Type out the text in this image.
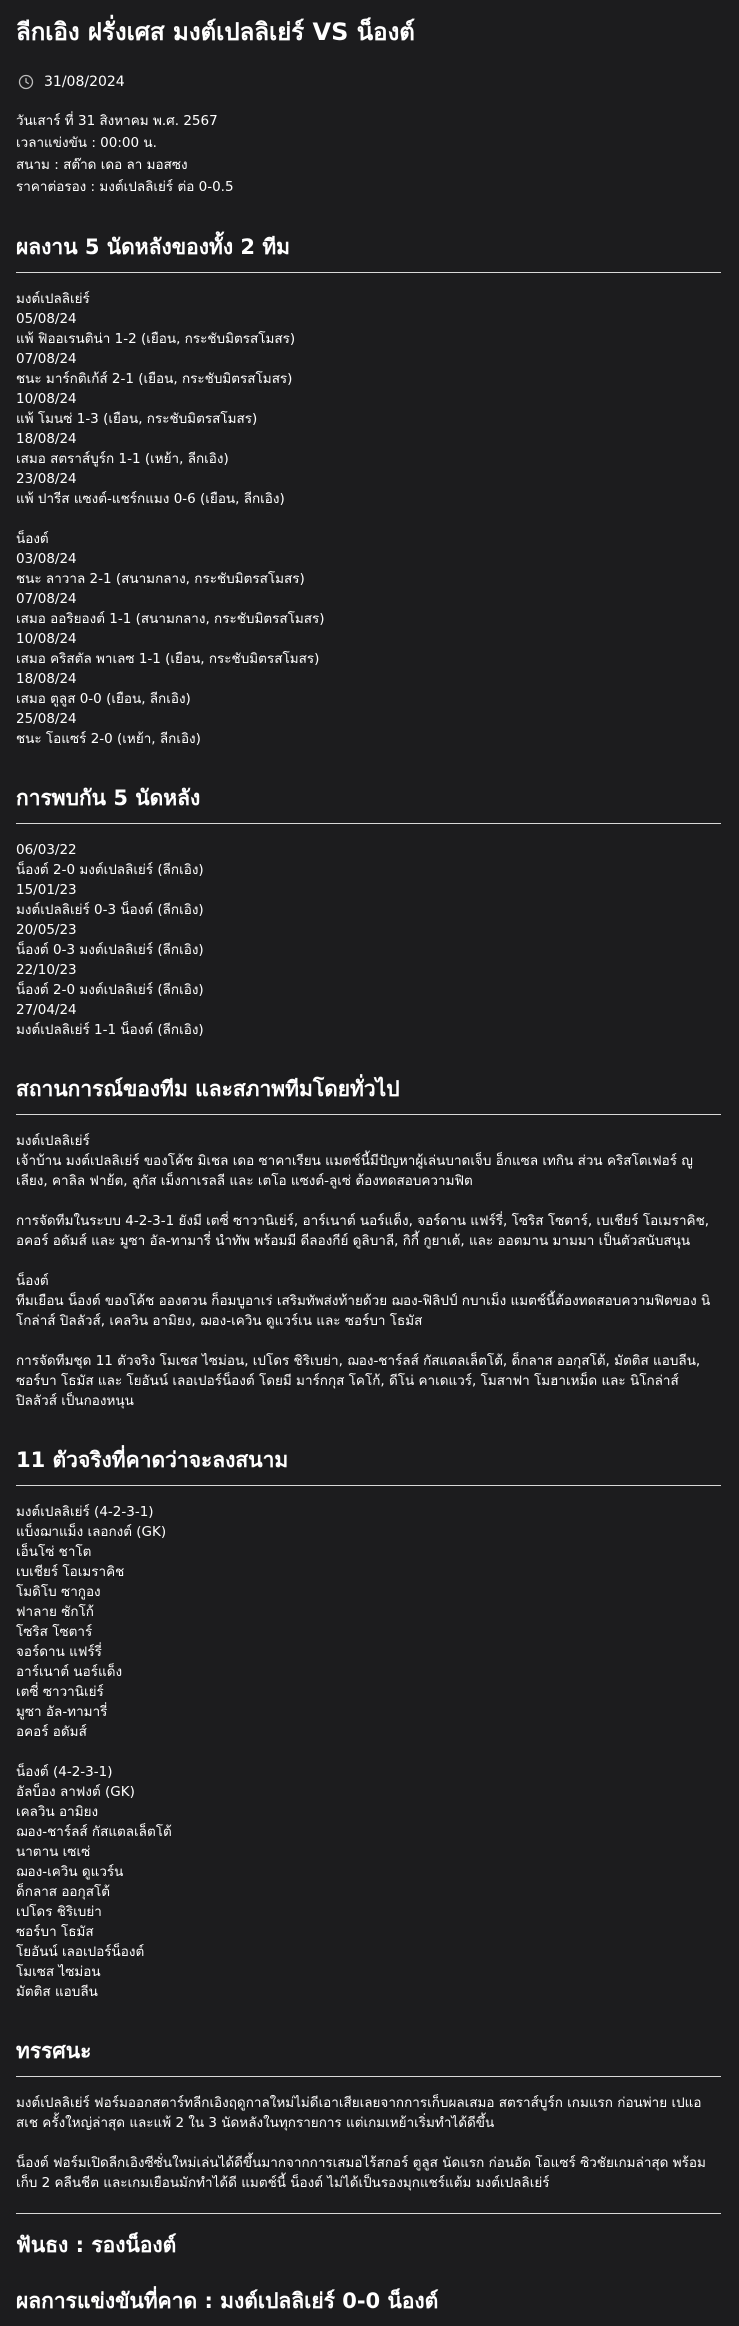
ลีกเอิง ฝรั่งเศส มงต์เปลลิเย่ร์ VS น็องต์
31/08/2024
วันเสาร์ ที่ 31 สิงหาคม พ.ศ. 2567
เวลาแข่งขัน : 00:00 น.
สนาม : สต๊าด เดอ ลา มอสซง
ราคาต่อรอง : มงต์เปลลิเย่ร์ ต่อ 0-0.5
ผลงาน 5 นัดหลังของทั้ง 2 ทีม
มงต์เปลลิเย่ร์
05/08/24
แพ้ ฟิออเรนติน่า 1-2 (เยือน, กระชับมิตรสโมสร)
07/08/24
ชนะ มาร์กติเก้ส์ 2-1 (เยือน, กระชับมิตรสโมสร)
10/08/24
แพ้ โมนซ่ 1-3 (เยือน, กระชับมิตรสโมสร)
18/08/24
เสมอ สตราส์บูร์ก 1-1 (เหย้า, ลีกเอิง)
23/08/24
แพ้ ปารีส แซงต์-แชร์กแมง 0-6 (เยือน, ลีกเอิง)
น็องต์
03/08/24
ชนะ ลาวาล 2-1 (สนามกลาง, กระชับมิตรสโมสร)
07/08/24
เสมอ ออริยองต์ 1-1 (สนามกลาง, กระชับมิตรสโมสร)
10/08/24
เสมอ คริสตัล พาเลซ 1-1 (เยือน, กระชับมิตรสโมสร)
18/08/24
เสมอ ตูลูส 0-0 (เยือน, ลีกเอิง)
25/08/24
ชนะ โอแซร์ 2-0 (เหย้า, ลีกเอิง)
การพบกัน 5 นัดหลัง
06/03/22
น็องต์ 2-0 มงต์เปลลิเย่ร์ (ลีกเอิง)
15/01/23
มงต์เปลลิเย่ร์ 0-3 น็องต์ (ลีกเอิง)
20/05/23
น็องต์ 0-3 มงต์เปลลิเย่ร์ (ลีกเอิง)
22/10/23
น็องต์ 2-0 มงต์เปลลิเย่ร์ (ลีกเอิง)
27/04/24
มงต์เปลลิเย่ร์ 1-1 น็องต์ (ลีกเอิง)
สถานการณ์ของทีม และสภาพทีมโดยทั่วไป
มงต์เปลลิเย่ร์
เจ้าบ้าน มงต์เปลลิเย่ร์ ของโค้ช มิเชล เดอ ซาคาเรียน แมตช์นี้มีปัญหาผู้เล่นบาดเจ็บ อ็กแซล เทกิน ส่วน คริสโตเฟอร์ ญูเลียง, คาลิล ฟาย้ต, ลูกัส เม็งกาเรลลี และ เตโอ แซงต์-ลูเซ่ ต้องทดสอบความฟิต
การจัดทีมในระบบ 4-2-3-1 ยังมี เตซี่ ซาวานิเย่ร์, อาร์เนาต์ นอร์แด็ง, จอร์ดาน แฟร์รี่, โซริส โซตาร์, เบเชียร์ โอเมราคิช, อคอร์ อดัมส์ และ มูซา อัล-ทามารี่ นำทัพ พร้อมมี ดีลองกีย์ ดูลิบาลี, กิกี้ กูยาเต้, และ ออตมาน มามมา เป็นตัวสนับสนุน
น็องต์
ทีมเยือน น็องต์ ของโค้ช อองตวน ก็อมบูอาเร่ เสริมทัพส่งท้ายด้วย ฌอง-ฟิลิปป์ กบาเม็ง แมตช์นี้ต้องทดสอบความฟิตของ นิโกล่าส์ ปิลลัวส์, เคลวิน อามิยง, ฌอง-เควิน ดูแวร์เน และ ซอร์บา โธมัส
การจัดทีมชุด 11 ตัวจริง โมเซส ไซม่อน, เปโดร ชิริเบย่า, ฌอง-ชาร์ลส์ กัสแตลเล็ตโต้, ด็กลาส ออกุสโต้, มัตติส แอบลีน, ซอร์บา โธมัส และ โยอันน์ เลอเปอร์น็องต์ โดยมี มาร์กกุส โคโก้, ดีโน่ คาเดแวร์, โมสาฟา โมฮาเหม็ด และ นิโกล่าส์ ปิลลัวส์ เป็นกองหนุน
11 ตัวจริงที่คาดว่าจะลงสนาม
มงต์เปลลิเย่ร์ (4-2-3-1)
แบ็งฌาแม็ง เลอกงต์ (GK)
เอ็นโซ่ ชาโต
เบเชียร์ โอเมราคิช
โมดิโบ ซากูอง
ฟาลาย ซักโก้
โซริส โซตาร์
จอร์ดาน แฟร์รี่
อาร์เนาต์ นอร์แด็ง
เตซี่ ซาวานิเย่ร์
มูซา อัล-ทามารี่
อคอร์ อดัมส์
น็องต์ (4-2-3-1)
อัลบ็อง ลาฟงต์ (GK)
เคลวิน อามิยง
ฌอง-ชาร์ลส์ กัสแตลเล็ตโต้
นาตาน เซเซ่
ฌอง-เควิน ดูแวร์น
ด็กลาส ออกุสโต้
เปโดร ชิริเบย่า
ซอร์บา โธมัส
โยอันน์ เลอเปอร์น็องต์
โมเซส ไซม่อน
มัตติส แอบลีน
ทรรศนะ
มงต์เปลลิเย่ร์ ฟอร์มออกสตาร์ทลีกเอิงฤดูกาลใหม่ไม่ดีเอาเสียเลยจากการเก็บผลเสมอ สตราส์บูร์ก เกมแรก ก่อนพ่าย เปแอสเช ครั้งใหญ่ล่าสุด และแพ้ 2 ใน 3 นัดหลังในทุกรายการ แต่เกมเหย้าเริ่มทำได้ดีขึ้น
น็องต์ ฟอร์มเปิดลีกเอิงซีซั่นใหม่เล่นได้ดีขึ้นมากจากการเสมอไร้สกอร์ ตูลูส นัดแรก ก่อนอัด โอแซร์ ซิวชัยเกมล่าสุด พร้อมเก็บ 2 คลีนชีต และเกมเยือนมักทำได้ดี แมตช์นี้ น็องต์ ไม่ได้เป็นรองมุกแชร์แต้ม มงต์เปลลิเย่ร์
ฟันธง : รองน็องต์
ผลการแข่งขันที่คาด : มงต์เปลลิเย่ร์ 0-0 น็องต์
